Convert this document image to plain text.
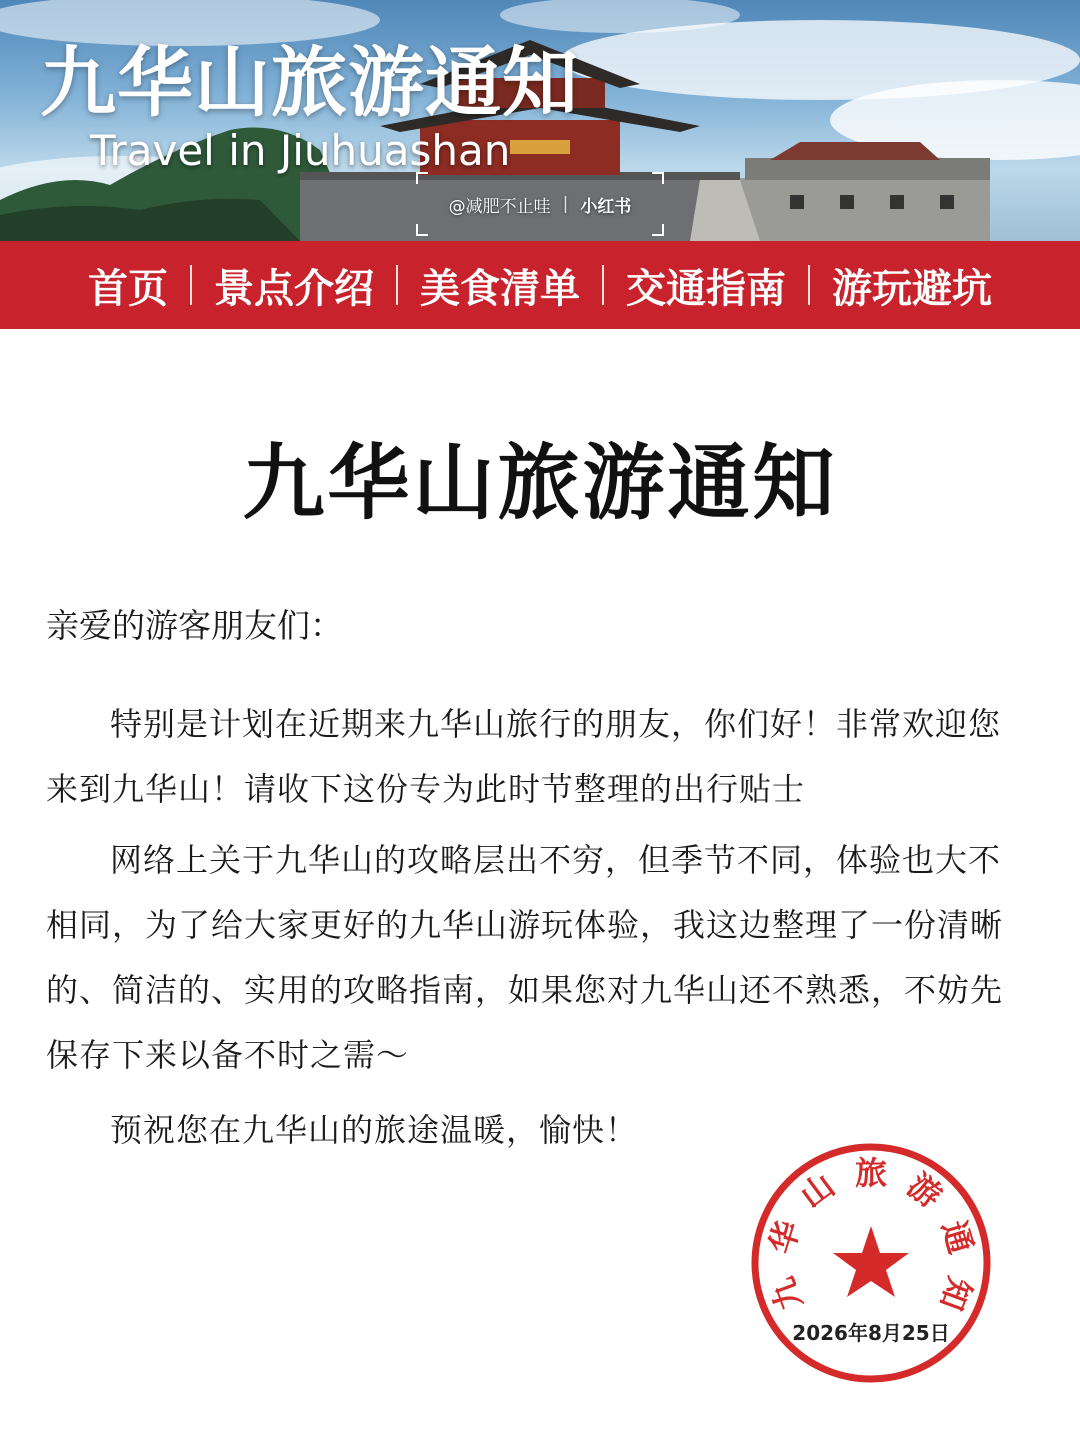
九华山旅游通知
Travel in Jiuhuashan
@减肥不止哇 | 小红书
首页	景点介绍	美食清单	交通指南	游玩避坑
九华山旅游通知
亲爱的游客朋友们：
特别是计划在近期来九华山旅行的朋友，你们好！非常欢迎您来到九华山！请收下这份专为此时节整理的出行贴士
网络上关于九华山的攻略层出不穷，但季节不同，体验也大不相同，为了给大家更好的九华山游玩体验，我这边整理了一份清晰的、简洁的、实用的攻略指南，如果您对九华山还不熟悉，不妨先保存下来以备不时之需～
预祝您在九华山的旅途温暖，愉快！
九
华
山 旅 游
通
知
2026年8月25日
